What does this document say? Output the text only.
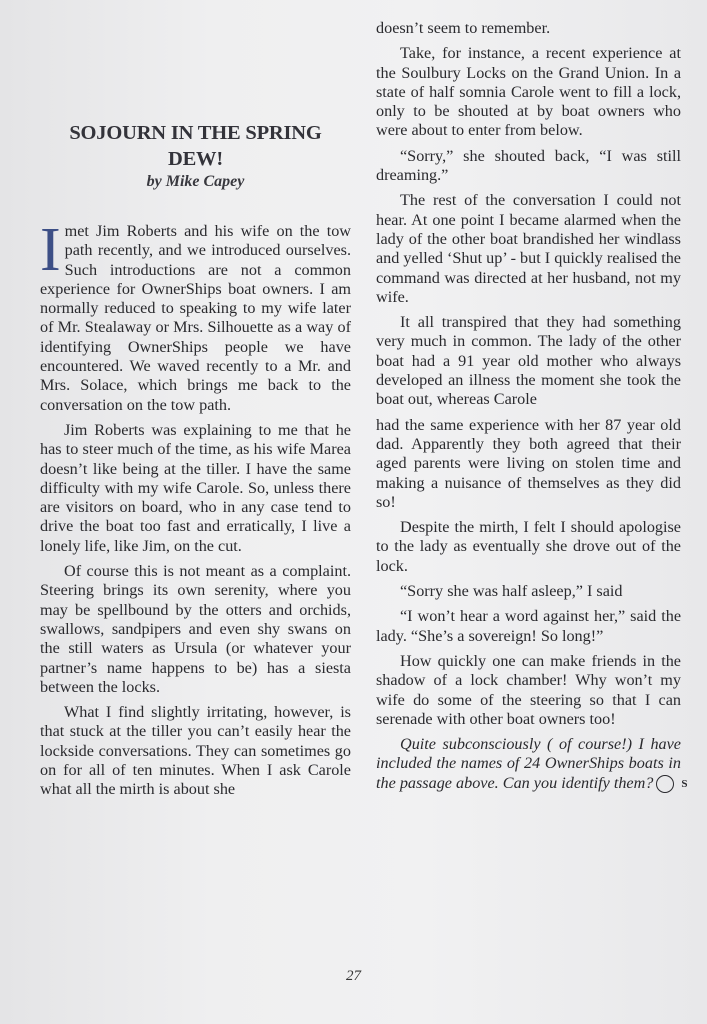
SOJOURN IN THE SPRING
DEW!
by Mike Capey

Imet Jim Roberts and his wife on the tow path recently, and we introduced ourselves. Such introductions are not a common experience for OwnerShips boat owners. I am normally reduced to speaking to my wife later of Mr. Stealaway or Mrs. Silhouette as a way of identifying OwnerShips people we have encountered. We waved recently to a Mr. and Mrs. Solace, which brings me back to the conversation on the tow path.

Jim Roberts was explaining to me that he has to steer much of the time, as his wife Marea doesn’t like being at the tiller. I have the same difficulty with my wife Carole. So, unless there are visitors on board, who in any case tend to drive the boat too fast and erratically, I live a lonely life, like Jim, on the cut.

Of course this is not meant as a complaint. Steering brings its own serenity, where you may be spellbound by the otters and orchids, swallows, sandpipers and even shy swans on the still waters as Ursula (or whatever your partner’s name happens to be) has a siesta between the locks.

What I find slightly irritating, however, is that stuck at the tiller you can’t easily hear the lockside conversations. They can sometimes go on for all of ten minutes. When I ask Carole what all the mirth is about she

doesn’t seem to remember.

Take, for instance, a recent experience at the Soulbury Locks on the Grand Union. In a state of half somnia Carole went to fill a lock, only to be shouted at by boat owners who were about to enter from below.

“Sorry,” she shouted back, “I was still dreaming.”

The rest of the conversation I could not hear. At one point I became alarmed when the lady of the other boat brandished her windlass and yelled ‘Shut up’ - but I quickly realised the command was directed at her husband, not my wife.

It all transpired that they had something very much in common. The lady of the other boat had a 91 year old mother who always developed an illness the moment she took the boat out, whereas Carole

had the same experience with her 87 year old dad. Apparently they both agreed that their aged parents were living on stolen time and making a nuisance of themselves as they did so!

Despite the mirth, I felt I should apologise to the lady as eventually she drove out of the lock.

“Sorry she was half asleep,” I said

“I won’t hear a word against her,” said the lady. “She’s a sovereign! So long!”

How quickly one can make friends in the shadow of a lock chamber! Why won’t my wife do some of the steering so that I can serenade with other boat owners too!

Quite subconsciously ( of course!) I have included the names of 24 OwnerShips boats in the passage above. Can you identify them?	S

27
